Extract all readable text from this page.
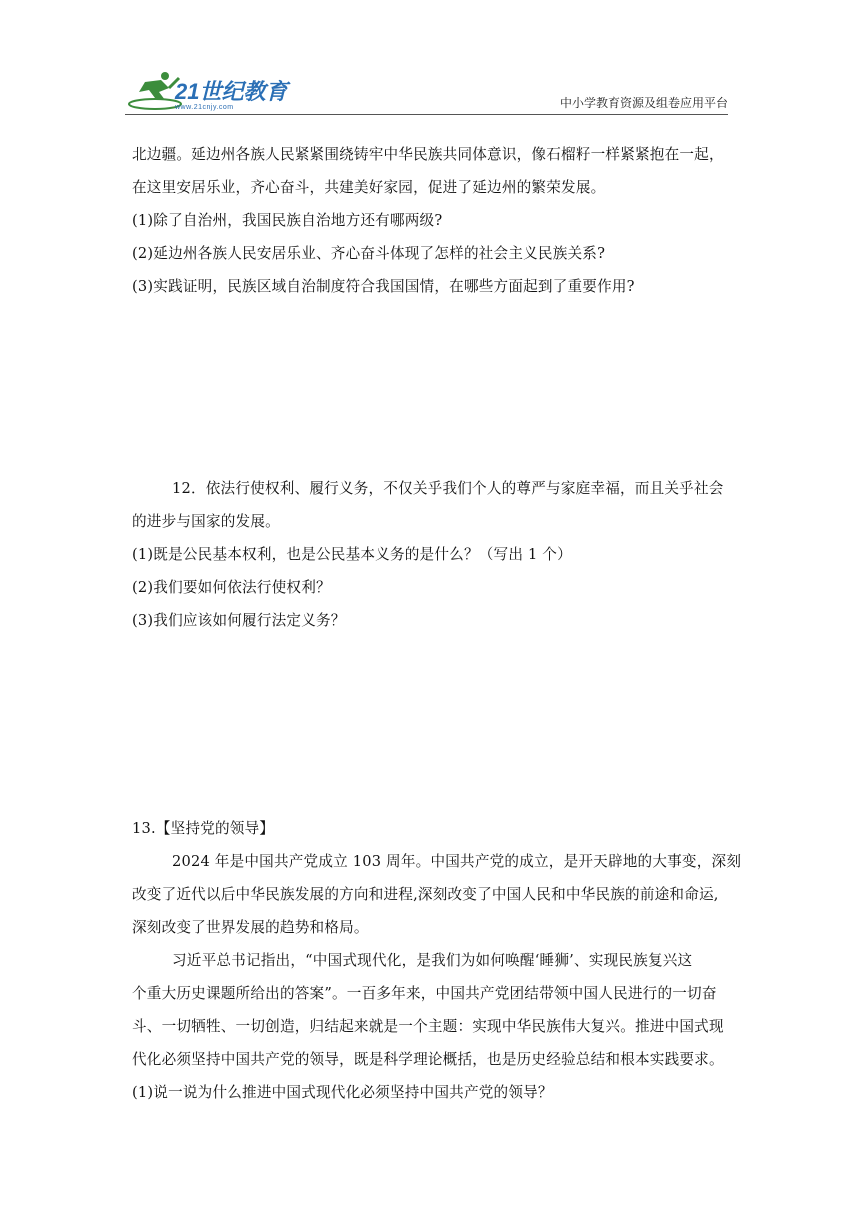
21世纪教育
www.21cnjy.com	中小学教育资源及组卷应用平台

北边疆。延边州各族人民紧紧围绕铸牢中华民族共同体意识，像石榴籽一样紧紧抱在一起，

在这里安居乐业，齐心奋斗，共建美好家园，促进了延边州的繁荣发展。

(1)除了自治州，我国民族自治地方还有哪两级?

(2)延边州各族人民安居乐业、齐心奋斗体现了怎样的社会主义民族关系?

(3)实践证明，民族区域自治制度符合我国国情，在哪些方面起到了重要作用?

12．依法行使权利、履行义务，不仅关乎我们个人的尊严与家庭幸福，而且关乎社会

的进步与国家的发展。

(1)既是公民基本权利，也是公民基本义务的是什么？（写出 1 个）

(2)我们要如何依法行使权利？

(3)我们应该如何履行法定义务？

13.【坚持党的领导】

2024 年是中国共产党成立 103 周年。中国共产党的成立，是开天辟地的大事变，深刻

改变了近代以后中华民族发展的方向和进程,深刻改变了中国人民和中华民族的前途和命运,

深刻改变了世界发展的趋势和格局。

习近平总书记指出，“中国式现代化，是我们为如何唤醒‘睡狮’、实现民族复兴这

个重大历史课题所给出的答案”。一百多年来，中国共产党团结带领中国人民进行的一切奋

斗、一切牺牲、一切创造，归结起来就是一个主题：实现中华民族伟大复兴。推进中国式现

代化必须坚持中国共产党的领导，既是科学理论概括，也是历史经验总结和根本实践要求。

(1)说一说为什么推进中国式现代化必须坚持中国共产党的领导？
